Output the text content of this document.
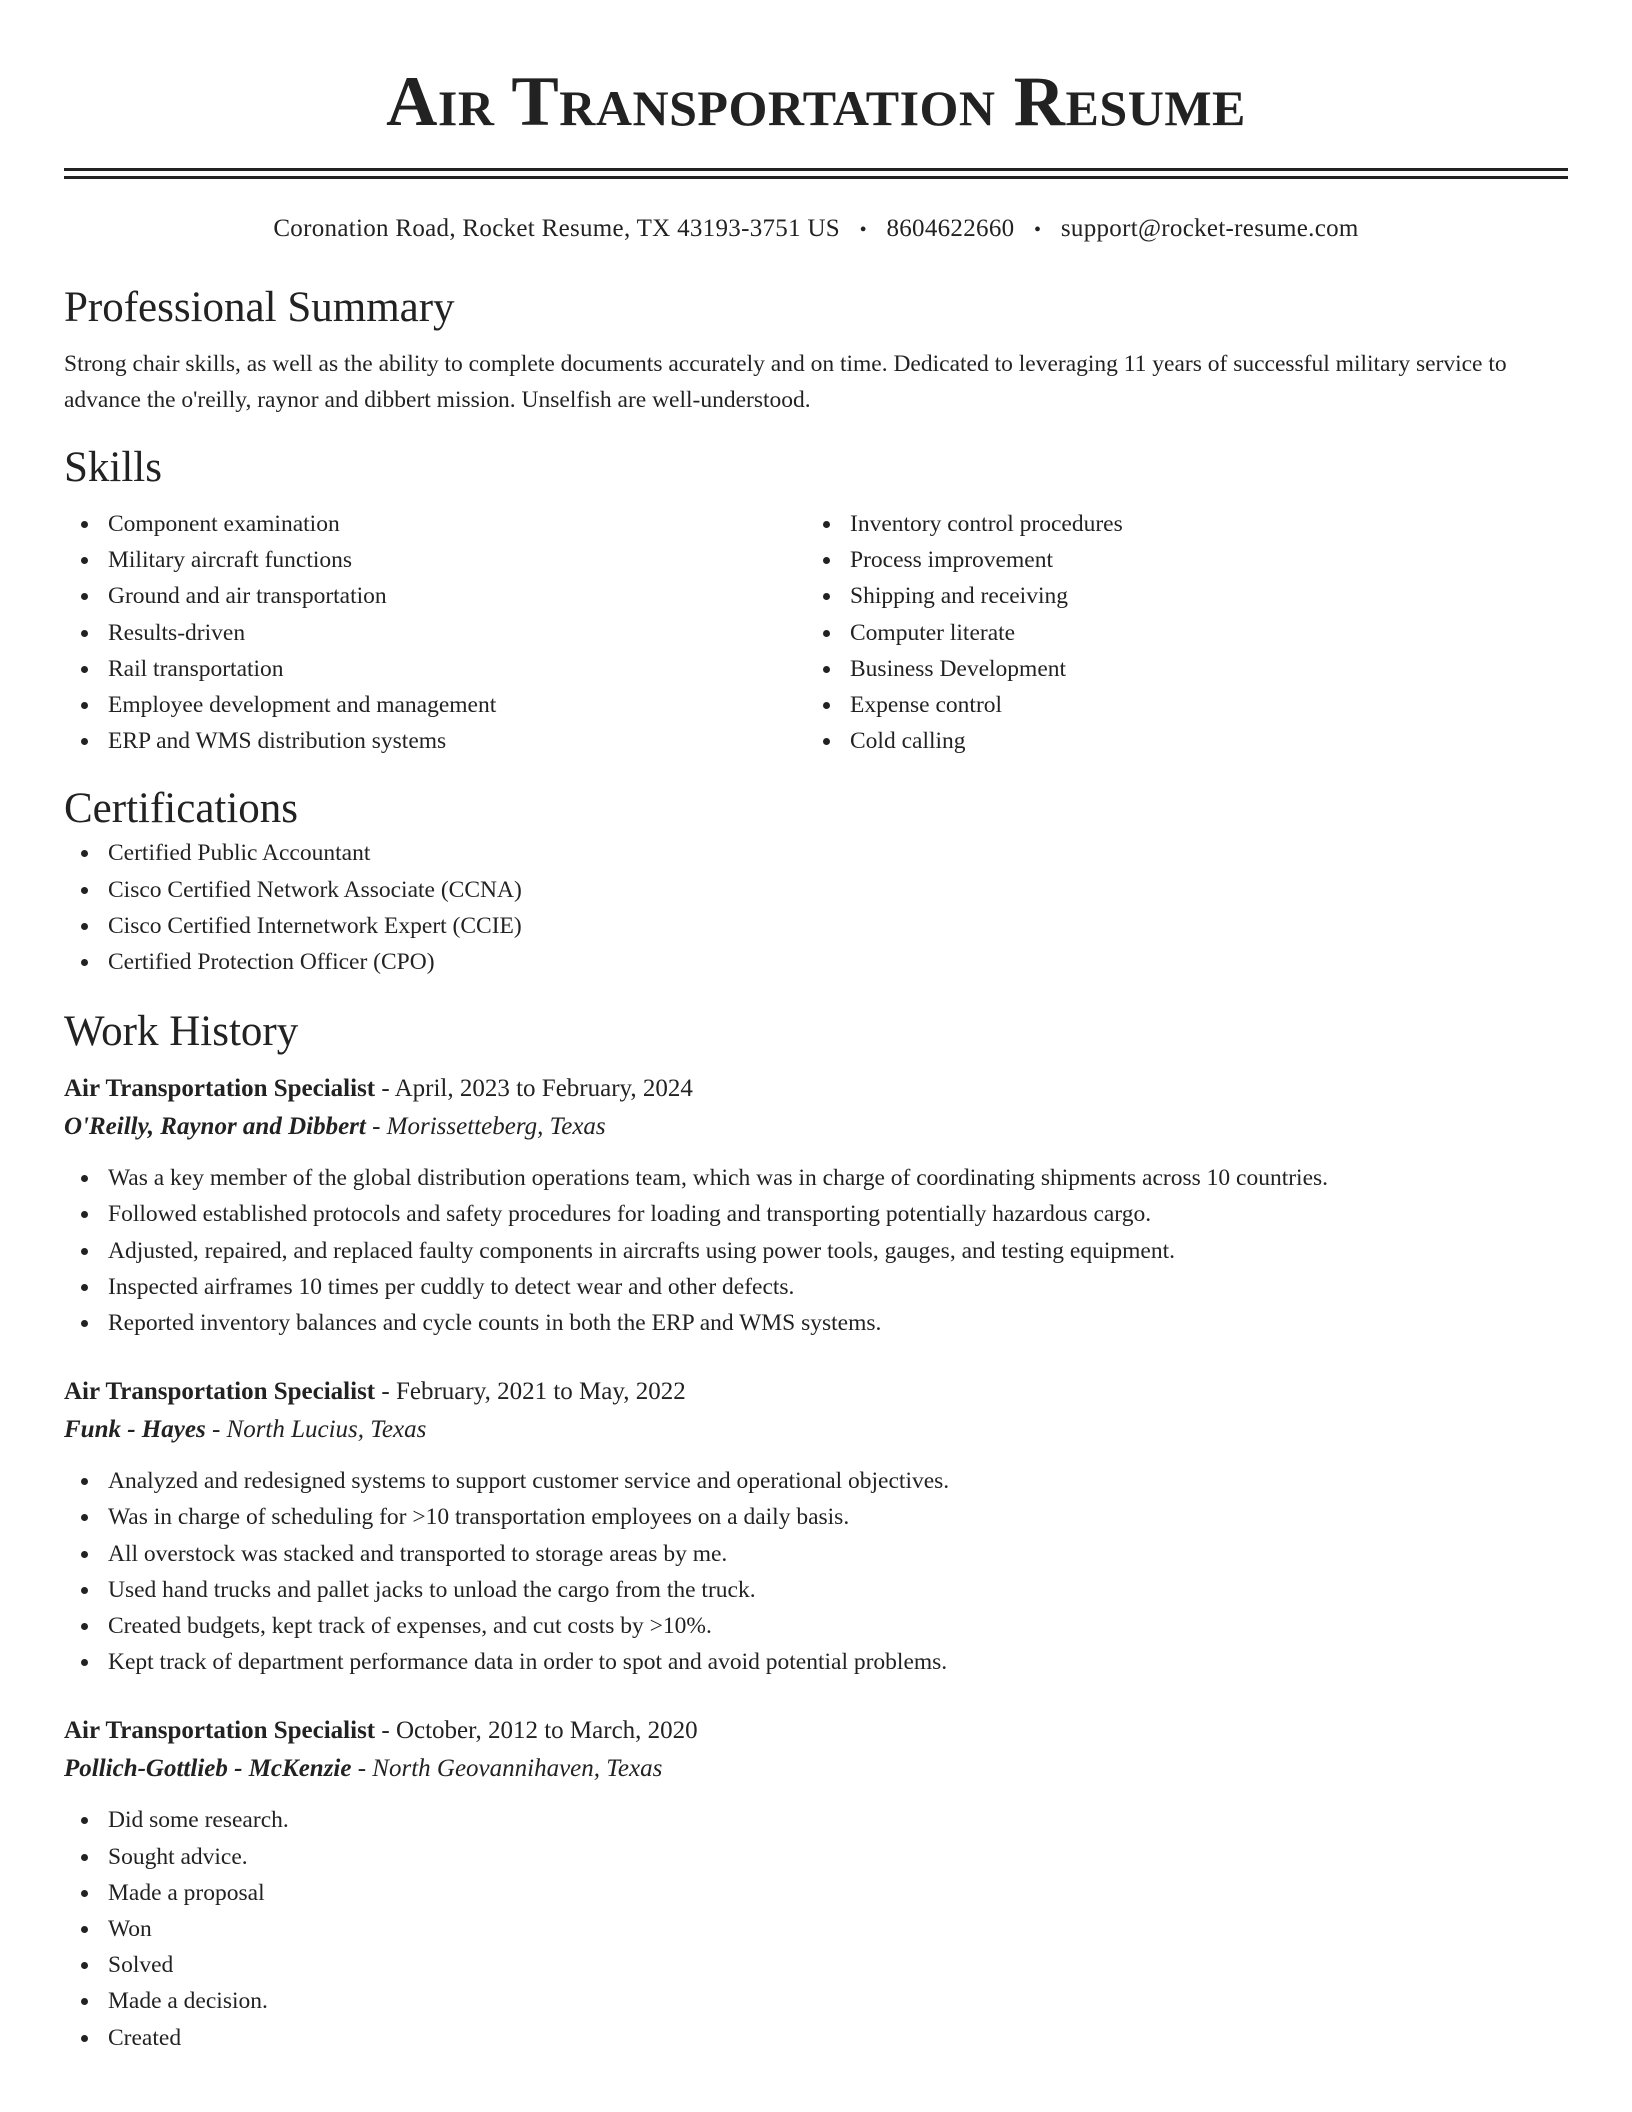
Air Transportation Resume
Coronation Road, Rocket Resume, TX 43193-3751 US • 8604622660 • support@rocket-resume.com
Professional Summary

Strong chair skills, as well as the ability to complete documents accurately and on time. Dedicated to leveraging 11 years of successful military service to advance the o'reilly, raynor and dibbert mission. Unselfish are well-understood.

Skills
Component examination
Military aircraft functions
Ground and air transportation
Results-driven
Rail transportation
Employee development and management
ERP and WMS distribution systems
Inventory control procedures
Process improvement
Shipping and receiving
Computer literate
Business Development
Expense control
Cold calling
Certifications
Certified Public Accountant
Cisco Certified Network Associate (CCNA)
Cisco Certified Internetwork Expert (CCIE)
Certified Protection Officer (CPO)
Work History
Air Transportation Specialist - April, 2023 to February, 2024
O'Reilly, Raynor and Dibbert - Morissetteberg, Texas
Was a key member of the global distribution operations team, which was in charge of coordinating shipments across 10 countries.
Followed established protocols and safety procedures for loading and transporting potentially hazardous cargo.
Adjusted, repaired, and replaced faulty components in aircrafts using power tools, gauges, and testing equipment.
Inspected airframes 10 times per cuddly to detect wear and other defects.
Reported inventory balances and cycle counts in both the ERP and WMS systems.
Air Transportation Specialist - February, 2021 to May, 2022
Funk - Hayes - North Lucius, Texas
Analyzed and redesigned systems to support customer service and operational objectives.
Was in charge of scheduling for >10 transportation employees on a daily basis.
All overstock was stacked and transported to storage areas by me.
Used hand trucks and pallet jacks to unload the cargo from the truck.
Created budgets, kept track of expenses, and cut costs by >10%.
Kept track of department performance data in order to spot and avoid potential problems.
Air Transportation Specialist - October, 2012 to March, 2020
Pollich-Gottlieb - McKenzie - North Geovannihaven, Texas
Did some research.
Sought advice.
Made a proposal
Won
Solved
Made a decision.
Created
